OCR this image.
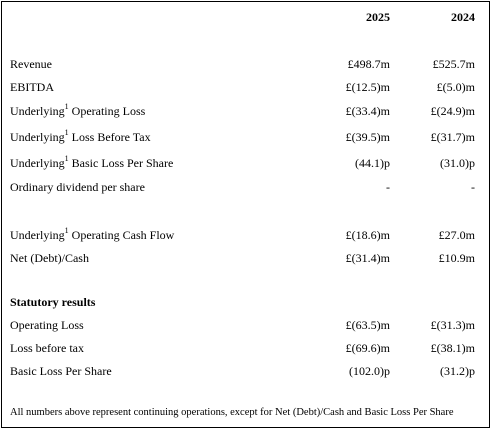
2025	2024
Revenue	£498.7m	£525.7m
EBITDA	£(12.5)m	£(5.0)m
Underlying$^1$ Operating Loss	£(33.4)m	£(24.9)m
Underlying$^1$ Loss Before Tax	£(39.5)m	£(31.7)m
Underlying$^1$ Basic Loss Per Share	(44.1)p	(31.0)p
Ordinary dividend per share	-	-
Underlying$^1$ Operating Cash Flow	£(18.6)m	£27.0m
Net (Debt)/Cash	£(31.4)m	£10.9m
Statutory results
Operating Loss	£(63.5)m	£(31.3)m
Loss before tax	£(69.6)m	£(38.1)m
Basic Loss Per Share	(102.0)p	(31.2)p
All numbers above represent continuing operations, except for Net (Debt)/Cash and Basic Loss Per Share
